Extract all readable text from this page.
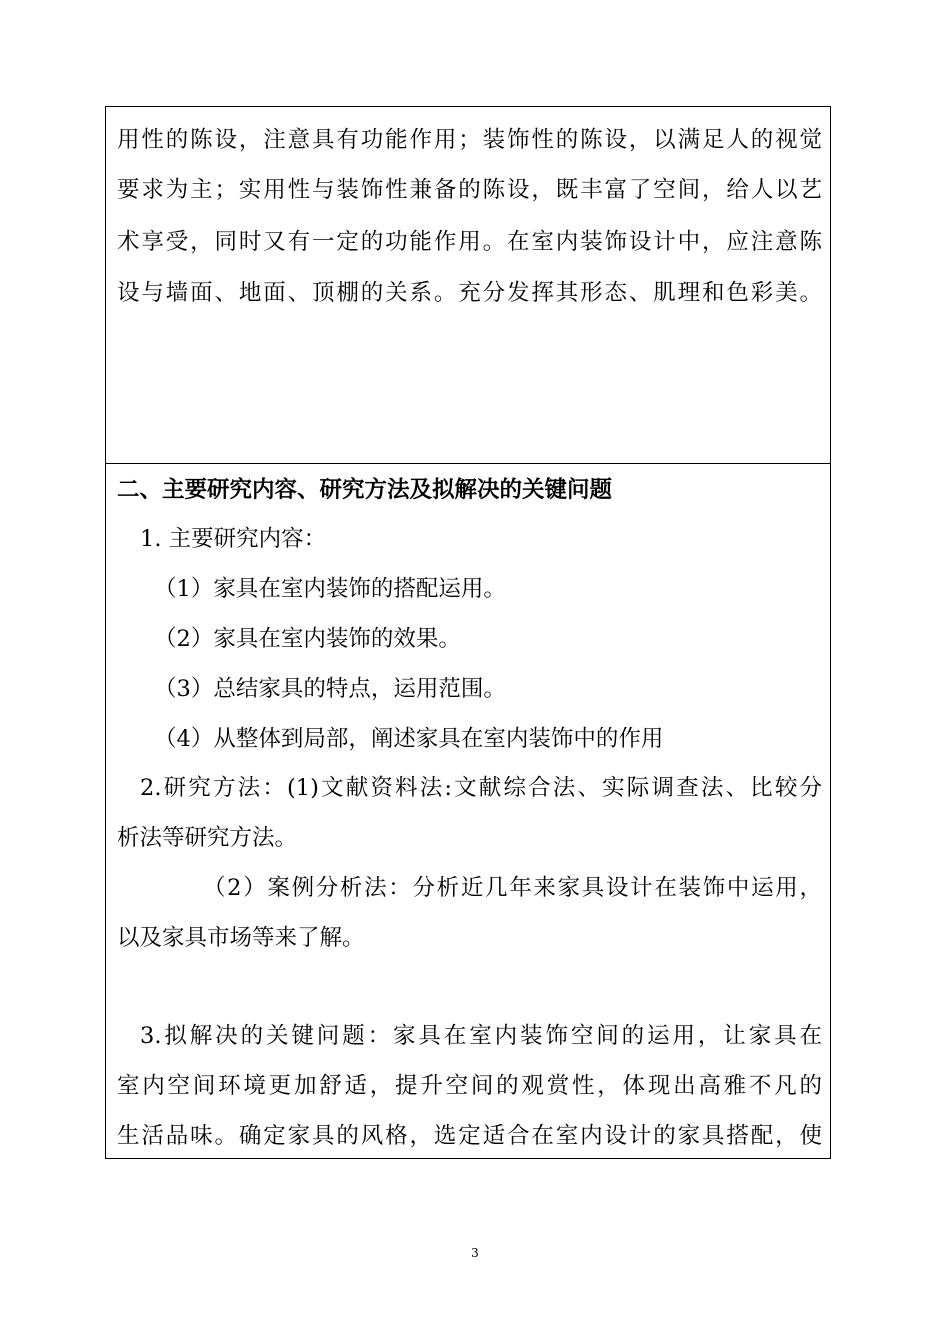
用性的陈设，注意具有功能作用；装饰性的陈设，以满足人的视觉
要求为主；实用性与装饰性兼备的陈设，既丰富了空间，给人以艺
术享受，同时又有一定的功能作用。在室内装饰设计中，应注意陈
设与墙面、地面、顶棚的关系。充分发挥其形态、肌理和色彩美。
二、主要研究内容、研究方法及拟解决的关键问题
1. 主要研究内容：
（1）家具在室内装饰的搭配运用。
（2）家具在室内装饰的效果。
（3）总结家具的特点，运用范围。
（4）从整体到局部，阐述家具在室内装饰中的作用
2.研究方法：(1)文献资料法:文献综合法、实际调查法、比较分
析法等研究方法。
（2）案例分析法：分析近几年来家具设计在装饰中运用，
以及家具市场等来了解。
3.拟解决的关键问题：家具在室内装饰空间的运用，让家具在
室内空间环境更加舒适，提升空间的观赏性，体现出高雅不凡的
生活品味。确定家具的风格，选定适合在室内设计的家具搭配，使
3
